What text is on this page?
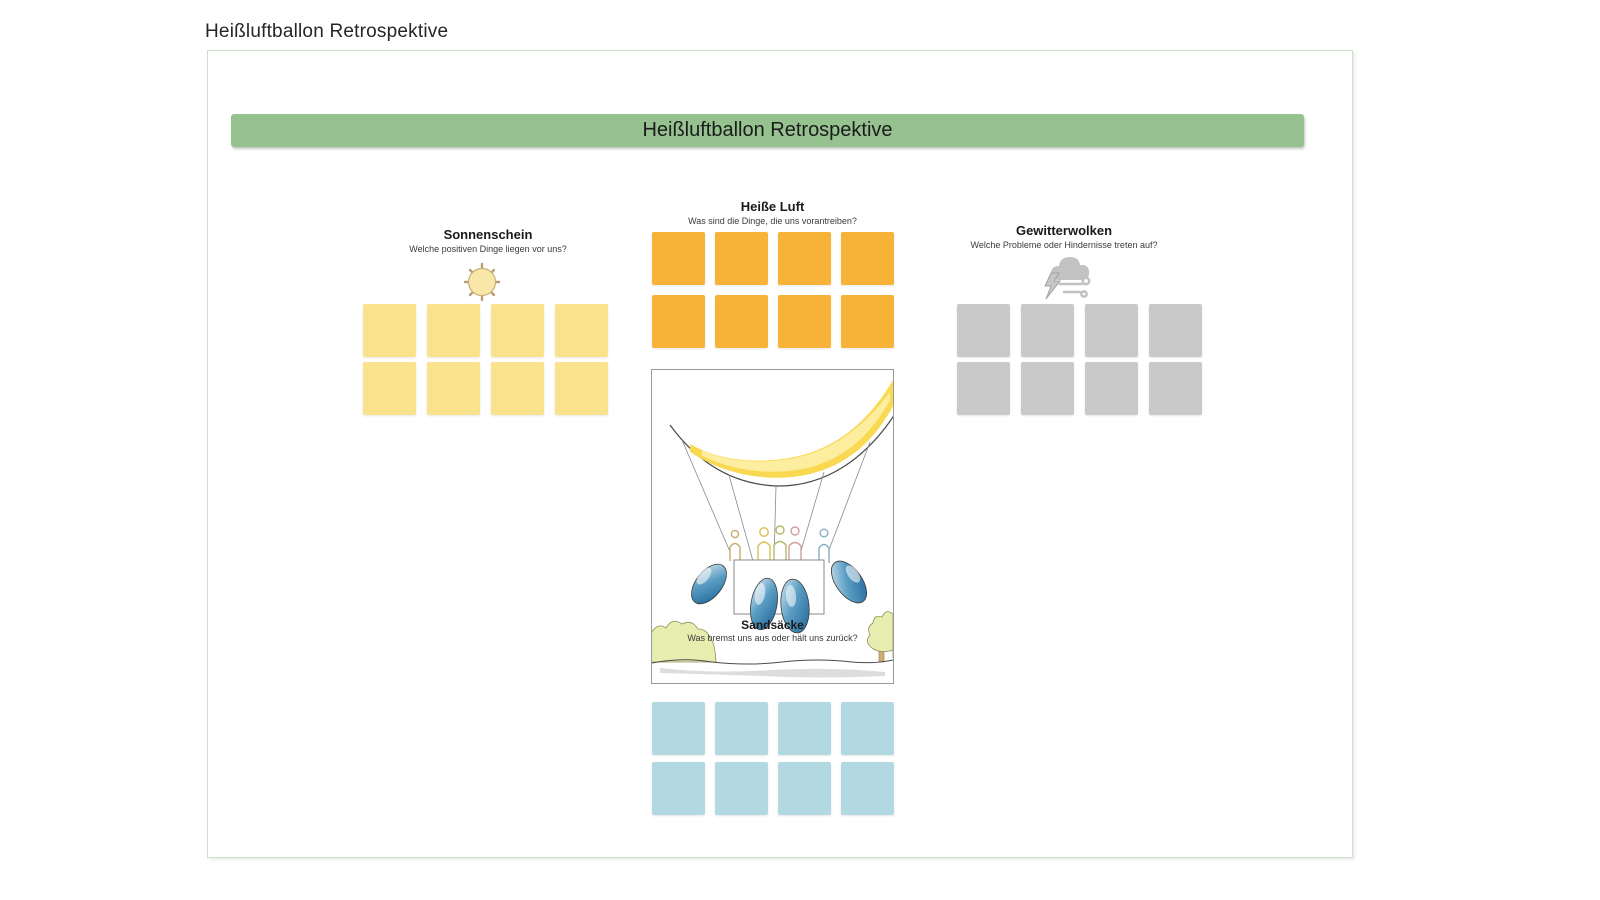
Heißluftballon Retrospektive
Heißluftballon Retrospektive
Sonnenschein
Welche positiven Dinge liegen vor uns?
Heiße Luft
Was sind die Dinge, die uns vorantreiben?
Gewitterwolken
Welche Probleme oder Hindernisse treten auf?
Sandsäcke
Was bremst uns aus oder hält uns zurück?
